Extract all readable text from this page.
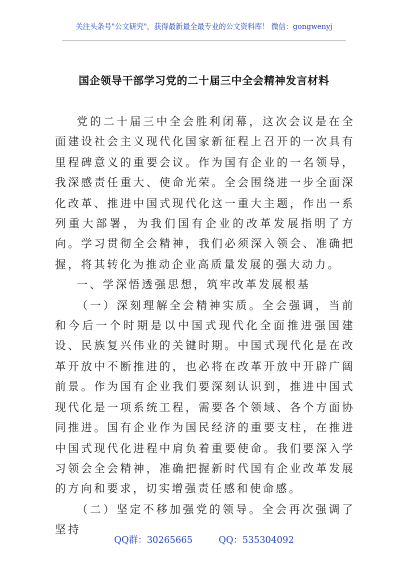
关注头条号"公文研究"，获得最新最全最专业的公文资料库！ 微信：gongwenyj
国企领导干部学习党的二十届三中全会精神发言材料

党的二十届三中全会胜利闭幕，这次会议是在全面建设社会主义现代化国家新征程上召开的一次具有里程碑意义的重要会议。作为国有企业的一名领导，我深感责任重大、使命光荣。全会围绕进一步全面深化改革、推进中国式现代化这一重大主题，作出一系列重大部署，为我们国有企业的改革发展指明了方向。学习贯彻全会精神，我们必须深入领会、准确把握，将其转化为推动企业高质量发展的强大动力。

一、学深悟透强思想，筑牢改革发展根基

（一）深刻理解全会精神实质。全会强调，当前和今后一个时期是以中国式现代化全面推进强国建设、民族复兴伟业的关键时期。中国式现代化是在改革开放中不断推进的，也必将在改革开放中开辟广阔前景。作为国有企业我们要深刻认识到，推进中国式现代化是一项系统工程，需要各个领域、各个方面协同推进。国有企业作为国民经济的重要支柱，在推进中国式现代化进程中肩负着重要使命。我们要深入学习领会全会精神，准确把握新时代国有企业改革发展的方向和要求，切实增强责任感和使命感。

（二）坚定不移加强党的领导。全会再次强调了坚持

QQ群：30265665	QQ：535304092
